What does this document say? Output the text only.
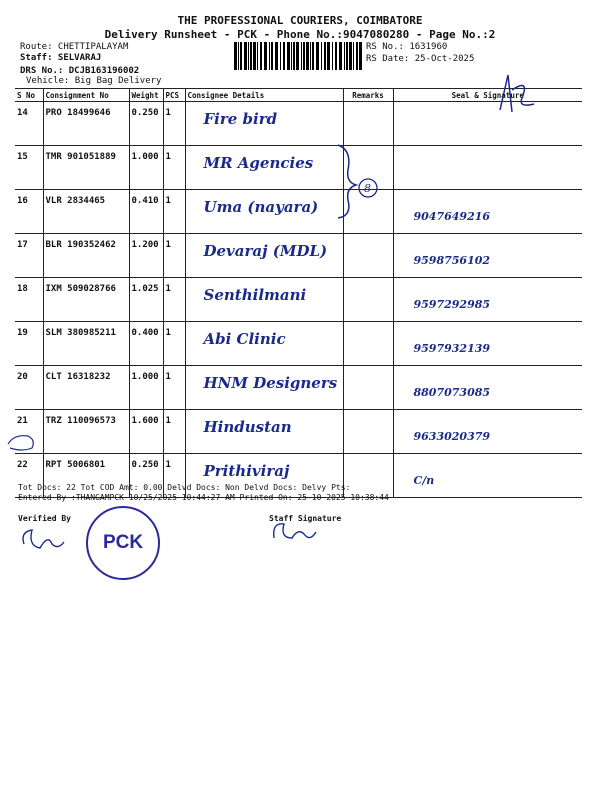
THE PROFESSIONAL COURIERS, COIMBATORE
Delivery Runsheet - PCK - Phone No.:9047080280 - Page No.:2
Route: CHETTIPALAYAM
Staff: SELVARAJ
DRS No.: DCJB163196002
Vehicle: Big Bag Delivery
RS No.: 1631960
RS Date: 25-Oct-2025
S No	Consignment No	Weight	PCS	Consignee Details	Remarks	Seal & Signature
14	PRO 18499646	0.250	1	Fire bird		
15	TMR 901051889	1.000	1	MR Agencies		
16	VLR 2834465	0.410	1	Uma (nayara)		9047649216
17	BLR 190352462	1.200	1	Devaraj (MDL)		9598756102
18	IXM 509028766	1.025	1	Senthilmani		9597292985
19	SLM 380985211	0.400	1	Abi Clinic		9597932139
20	CLT 16318232	1.000	1	HNM Designers		8807073085
21	TRZ 110096573	1.600	1	Hindustan		9633020379
22	RPT 5006801	0.250	1	Prithiviraj		C/n
8
Tot Docs: 22 Tot COD Amt: 0.00 Delvd Docs: Non Delvd Docs: Delvy Pts:
Entered By :THANGAMPCK 10/25/2025 10:44:27 AM Printed On: 25-10-2025 10:38:44
Verified By	Staff Signature
PCK
